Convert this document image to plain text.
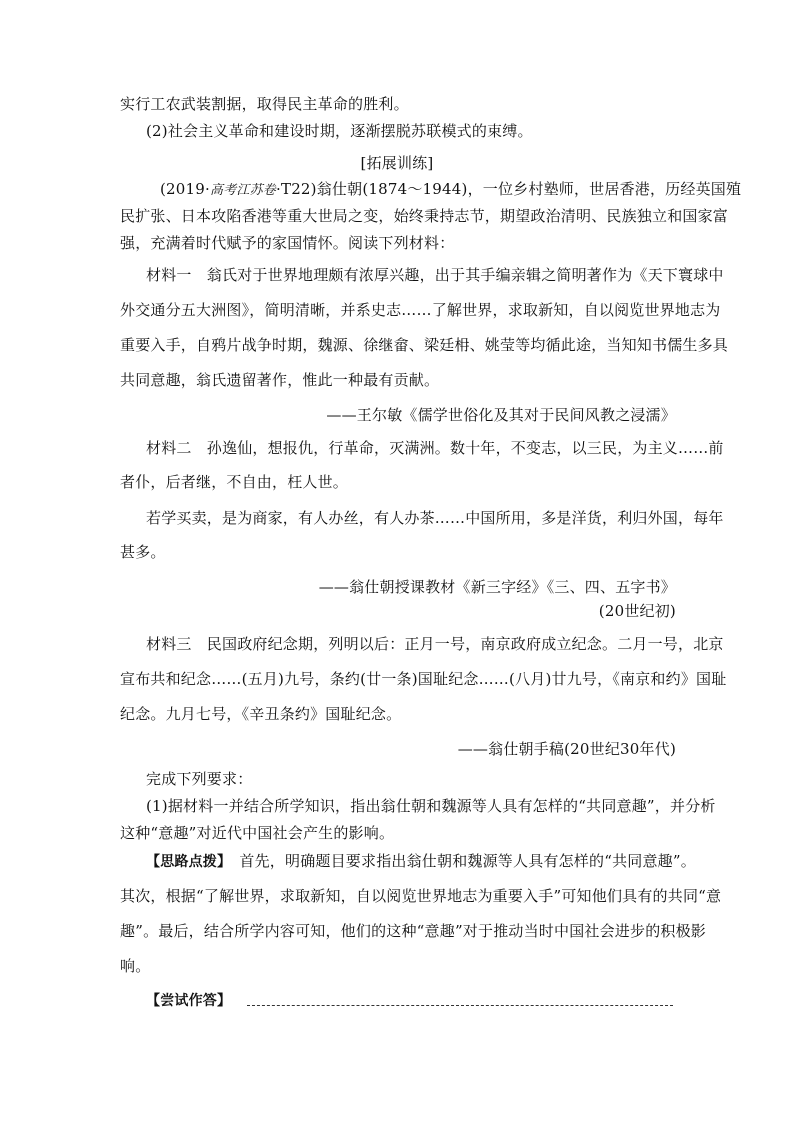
实行工农武装割据，取得民主革命的胜利。
(2)社会主义革命和建设时期，逐渐摆脱苏联模式的束缚。
[拓展训练]
(2019·高考江苏卷·T22)翁仕朝(1874～1944)，一位乡村塾师，世居香港，历经英国殖
民扩张、日本攻陷香港等重大世局之变，始终秉持志节，期望政治清明、民族独立和国家富
强，充满着时代赋予的家国情怀。阅读下列材料：
材料一　翁氏对于世界地理颇有浓厚兴趣，出于其手编亲辑之简明著作为《天下寰球中
外交通分五大洲图》，简明清晰，并系史志……了解世界，求取新知，自以阅览世界地志为
重要入手，自鸦片战争时期，魏源、徐继畲、梁廷枏、姚莹等均循此途，当知知书儒生多具
共同意趣，翁氏遗留著作，惟此一种最有贡献。
——王尔敏《儒学世俗化及其对于民间风教之浸濡》
材料二　孙逸仙，想报仇，行革命，灭满洲。数十年，不变志，以三民，为主义……前
者仆，后者继，不自由，枉人世。
若学买卖，是为商家，有人办丝，有人办茶……中国所用，多是洋货，利归外国，每年
甚多。
——翁仕朝授课教材《新三字经》《三、四、五字书》
(20世纪初)
材料三　民国政府纪念期，列明以后：正月一号，南京政府成立纪念。二月一号，北京
宣布共和纪念……(五月)九号，条约(廿一条)国耻纪念……(八月)廿九号，《南京和约》国耻
纪念。九月七号，《辛丑条约》国耻纪念。
——翁仕朝手稿(20世纪30年代)
完成下列要求：
(1)据材料一并结合所学知识，指出翁仕朝和魏源等人具有怎样的“共同意趣”，并分析
这种“意趣”对近代中国社会产生的影响。
【思路点拨】　 首先，明确题目要求指出翁仕朝和魏源等人具有怎样的“共同意趣”。
其次，根据“了解世界，求取新知，自以阅览世界地志为重要入手”可知他们具有的共同“意
趣”。最后，结合所学内容可知，他们的这种“意趣”对于推动当时中国社会进步的积极影
响。
【尝试作答】
